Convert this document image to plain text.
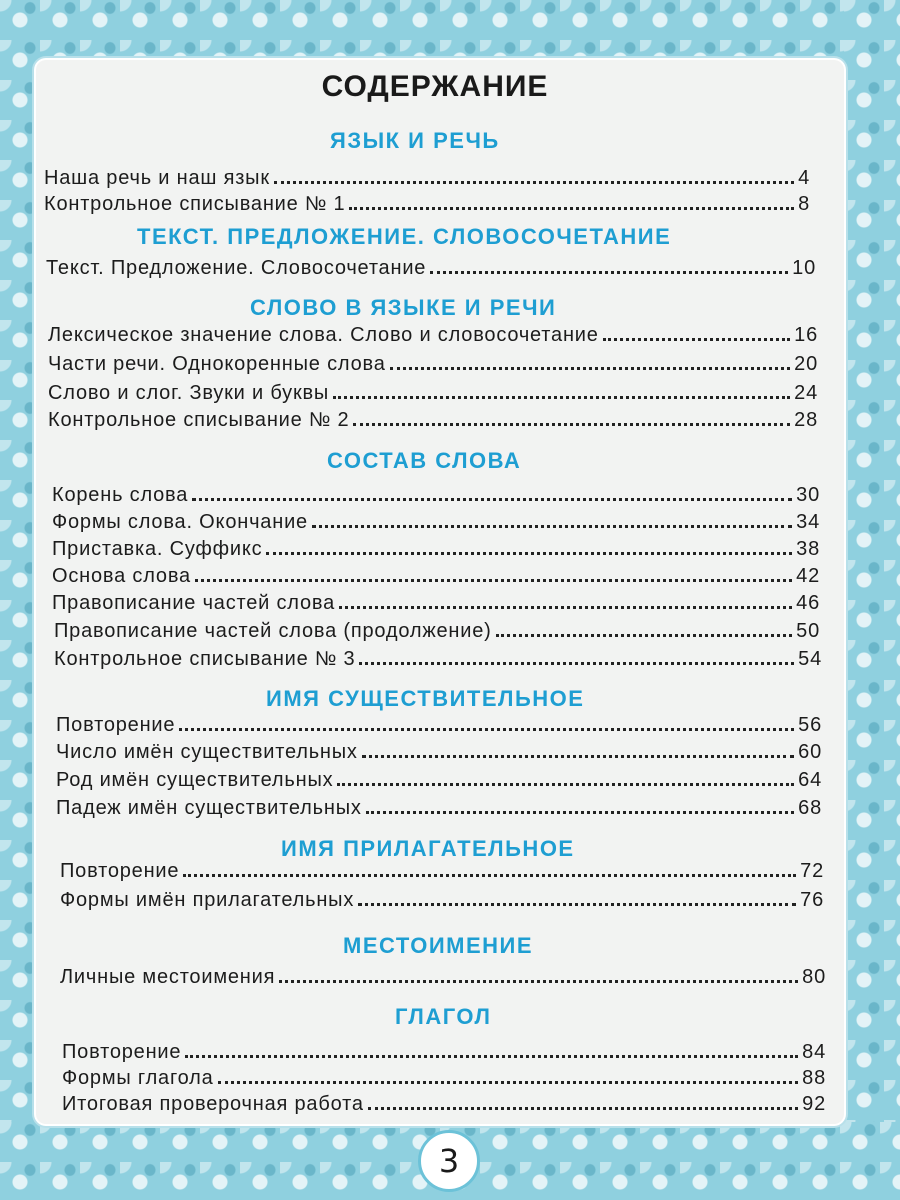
СОДЕРЖАНИЕ
ЯЗЫК И РЕЧЬ
Наша речь и наш язык	4
Контрольное списывание № 1	8
ТЕКСТ. ПРЕДЛОЖЕНИЕ. СЛОВОСОЧЕТАНИЕ
Текст. Предложение. Словосочетание	10
СЛОВО В ЯЗЫКЕ И РЕЧИ
Лексическое значение слова. Слово и словосочетание	16
Части речи. Однокоренные слова	20
Слово и слог. Звуки и буквы	24
Контрольное списывание № 2	28
СОСТАВ СЛОВА
Корень слова	30
Формы слова. Окончание	34
Приставка. Суффикс	38
Основа слова	42
Правописание частей слова	46
Правописание частей слова (продолжение)	50
Контрольное списывание № 3	54
ИМЯ СУЩЕСТВИТЕЛЬНОЕ
Повторение	56
Число имён существительных	60
Род имён существительных	64
Падеж имён существительных	68
ИМЯ ПРИЛАГАТЕЛЬНОЕ
Повторение	72
Формы имён прилагательных	76
МЕСТОИМЕНИЕ
Личные местоимения	80
ГЛАГОЛ
Повторение	84
Формы глагола	88
Итоговая проверочная работа	92
3
